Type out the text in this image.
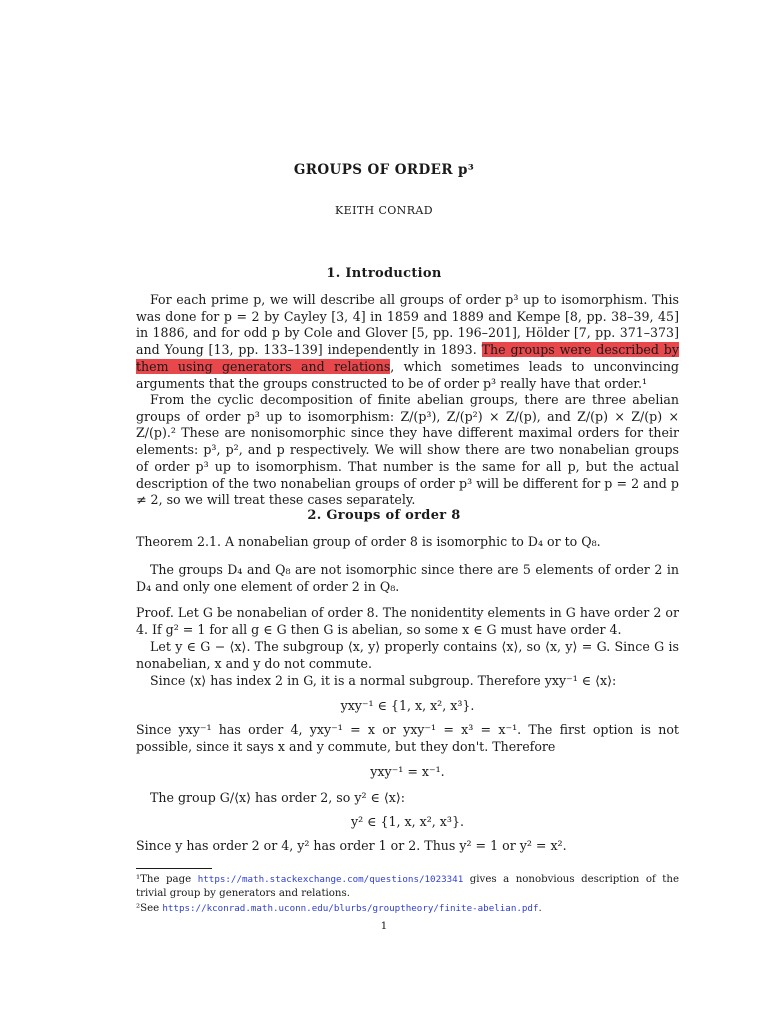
GROUPS OF ORDER p³
KEITH CONRAD
1. Introduction

For each prime p, we will describe all groups of order p³ up to isomorphism. This was done for p = 2 by Cayley [3, 4] in 1859 and 1889 and Kempe [8, pp. 38–39, 45] in 1886, and for odd p by Cole and Glover [5, pp. 196–201], Hölder [7, pp. 371–373] and Young [13, pp. 133–139] independently in 1893. The groups were described by them using generators and relations, which sometimes leads to unconvincing arguments that the groups constructed to be of order p³ really have that order.¹

From the cyclic decomposition of finite abelian groups, there are three abelian groups of order p³ up to isomorphism: Z/(p³), Z/(p²) × Z/(p), and Z/(p) × Z/(p) × Z/(p).² These are nonisomorphic since they have different maximal orders for their elements: p³, p², and p respectively. We will show there are two nonabelian groups of order p³ up to isomorphism. That number is the same for all p, but the actual description of the two nonabelian groups of order p³ will be different for p = 2 and p ≠ 2, so we will treat these cases separately.

2. Groups of order 8

Theorem 2.1. A nonabelian group of order 8 is isomorphic to D₄ or to Q₈.

The groups D₄ and Q₈ are not isomorphic since there are 5 elements of order 2 in D₄ and only one element of order 2 in Q₈.

Proof. Let G be nonabelian of order 8. The nonidentity elements in G have order 2 or 4. If g² = 1 for all g ∈ G then G is abelian, so some x ∈ G must have order 4.

Let y ∈ G − ⟨x⟩. The subgroup ⟨x, y⟩ properly contains ⟨x⟩, so ⟨x, y⟩ = G. Since G is nonabelian, x and y do not commute.

Since ⟨x⟩ has index 2 in G, it is a normal subgroup. Therefore yxy⁻¹ ∈ ⟨x⟩:

yxy⁻¹ ∈ {1, x, x², x³}.

Since yxy⁻¹ has order 4, yxy⁻¹ = x or yxy⁻¹ = x³ = x⁻¹. The first option is not possible, since it says x and y commute, but they don't. Therefore

yxy⁻¹ = x⁻¹.

The group G/⟨x⟩ has order 2, so y² ∈ ⟨x⟩:

y² ∈ {1, x, x², x³}.

Since y has order 2 or 4, y² has order 1 or 2. Thus y² = 1 or y² = x².

¹The page https://math.stackexchange.com/questions/1023341 gives a nonobvious description of the trivial group by generators and relations.

²See https://kconrad.math.uconn.edu/blurbs/grouptheory/finite-abelian.pdf.

1
